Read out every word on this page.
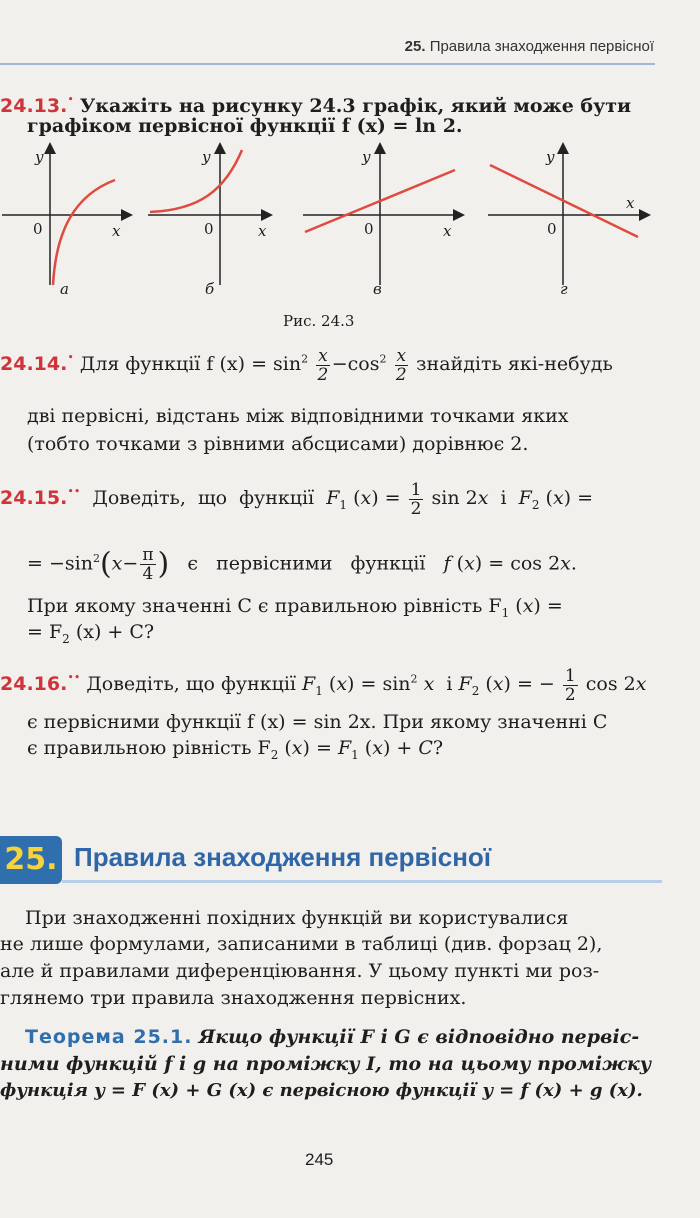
25. Правила знаходження первісної
24.13.• Укажіть на рисунку 24.3 графік, який може бути
графіком первісної функції f (x) = ln 2.
y
x
0
а
y
x
0
б
y
x
0
в
y
x
0
г
Рис. 24.3
24.14.• Для функції f $(x) = \sin^2 \frac{x}{2} -\cos^2 \frac{x}{2}$ знайдіть які-небудь
дві первісні, відстань між відповідними точками яких
(тобто точками з рівними абсцисами) дорівнює 2.
24.15.••  Доведіть,  що  функції  $F_1$ $(x) = \frac{1}{2}$ sin 2x  і  $F_2$ (x) =
= $-\sin^2(x- \frac{\pi}{4}$ )   є   первісними   функції   f (x) = cos 2x.
При якому значенні C є правильною рівність $F_1$ (x) =
= $F_2$ (x) + C?
24.16.•• Доведіть, що функції $F_1$ $(x) = \sin^2 x$  і $F_2$ (x) = − $\frac{1}{2}$ cos 2x
є первісними функції f (x) = sin 2x. При якому значенні C
є правильною рівність $F_2$ $(x) = F_1$ (x) + C?
25. Правила знаходження первісної
При знаходженні похідних функцій ви користувалися
не лише формулами, записаними в таблиці (див. форзац 2),
але й правилами диференціювання. У цьому пункті ми роз-
глянемо три правила знаходження первісних.
Теорема 25.1. Якщо функції F і G є відповідно первіс-
ними функцій f і g на проміжку I, то на цьому проміжку
функція y = F (x) + G (x) є первісною функції y = f (x) + g (x).
245
